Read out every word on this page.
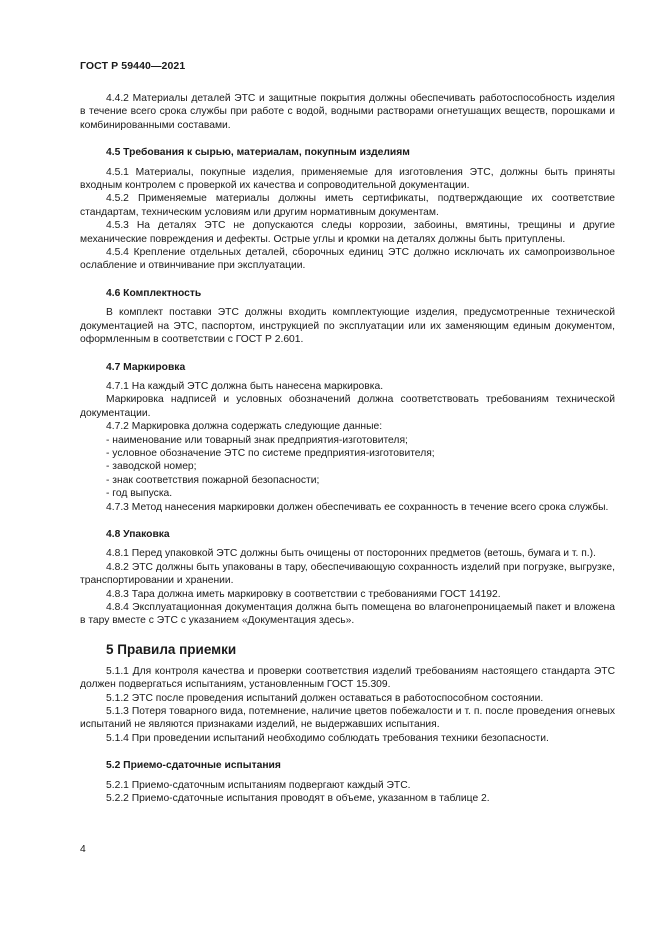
ГОСТ Р 59440—2021

4.4.2 Материалы деталей ЭТС и защитные покрытия должны обеспечивать работоспособность изделия в течение всего срока службы при работе с водой, водными растворами огнетушащих веществ, порошками и комбинированными составами.

4.5 Требования к сырью, материалам, покупным изделиям

4.5.1 Материалы, покупные изделия, применяемые для изготовления ЭТС, должны быть приняты входным контролем с проверкой их качества и сопроводительной документации.

4.5.2 Применяемые материалы должны иметь сертификаты, подтверждающие их соответствие стандартам, техническим условиям или другим нормативным документам.

4.5.3 На деталях ЭТС не допускаются следы коррозии, забоины, вмятины, трещины и другие механические повреждения и дефекты. Острые углы и кромки на деталях должны быть притуплены.

4.5.4 Крепление отдельных деталей, сборочных единиц ЭТС должно исключать их самопроизвольное ослабление и отвинчивание при эксплуатации.

4.6 Комплектность

В комплект поставки ЭТС должны входить комплектующие изделия, предусмотренные технической документацией на ЭТС, паспортом, инструкцией по эксплуатации или их заменяющим единым документом, оформленным в соответствии с ГОСТ Р 2.601.

4.7 Маркировка

4.7.1 На каждый ЭТС должна быть нанесена маркировка.

Маркировка надписей и условных обозначений должна соответствовать требованиям технической документации.

4.7.2 Маркировка должна содержать следующие данные:

- наименование или товарный знак предприятия-изготовителя;

- условное обозначение ЭТС по системе предприятия-изготовителя;

- заводской номер;

- знак соответствия пожарной безопасности;

- год выпуска.

4.7.3 Метод нанесения маркировки должен обеспечивать ее сохранность в течение всего срока службы.

4.8 Упаковка

4.8.1 Перед упаковкой ЭТС должны быть очищены от посторонних предметов (ветошь, бумага и т. п.).

4.8.2 ЭТС должны быть упакованы в тару, обеспечивающую сохранность изделий при погрузке, выгрузке, транспортировании и хранении.

4.8.3 Тара должна иметь маркировку в соответствии с требованиями ГОСТ 14192.

4.8.4 Эксплуатационная документация должна быть помещена во влагонепроницаемый пакет и вложена в тару вместе с ЭТС с указанием «Документация здесь».

5 Правила приемки

5.1.1 Для контроля качества и проверки соответствия изделий требованиям настоящего стандарта ЭТС должен подвергаться испытаниям, установленным ГОСТ 15.309.

5.1.2 ЭТС после проведения испытаний должен оставаться в работоспособном состоянии.

5.1.3 Потеря товарного вида, потемнение, наличие цветов побежалости и т. п. после проведения огневых испытаний не являются признаками изделий, не выдержавших испытания.

5.1.4 При проведении испытаний необходимо соблюдать требования техники безопасности.

5.2 Приемо-сдаточные испытания

5.2.1 Приемо-сдаточным испытаниям подвергают каждый ЭТС.

5.2.2 Приемо-сдаточные испытания проводят в объеме, указанном в таблице 2.

4
